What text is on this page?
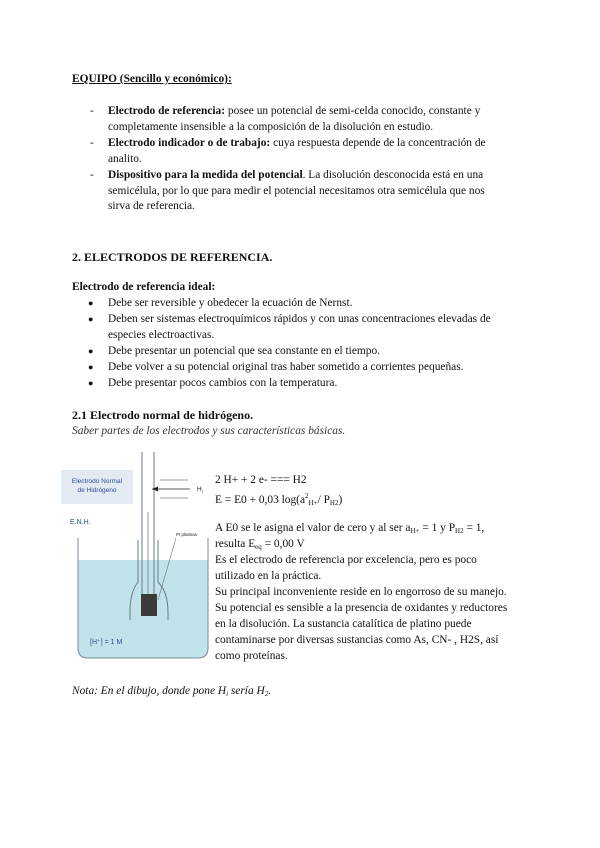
EQUIPO (Sencillo y económico):
- Electrodo de referencia: posee un potencial de semi-celda conocido, constante y
completamente insensible a la composición de la disolución en estudio.
- Electrodo indicador o de trabajo: cuya respuesta depende de la concentración de
analito.
- Dispositivo para la medida del potencial. La disolución desconocida está en una
semicélula, por lo que para medir el potencial necesitamos otra semicélula que nos
sirva de referencia.
2. ELECTRODOS DE REFERENCIA.
Electrodo de referencia ideal:
● Debe ser reversible y obedecer la ecuación de Nernst.
● Deben ser sistemas electroquímicos rápidos y con unas concentraciones elevadas de
especies electroactivas.
● Debe presentar un potencial que sea constante en el tiempo.
● Debe volver a su potencial original tras haber sometido a corrientes pequeñas.
● Debe presentar pocos cambios con la temperatura.
2.1 Electrodo normal de hidrógeno.
Saber partes de los electrodos y sus características básicas.
Electrodo Normal
de Hidrógeno
E.N.H.
$H_i$
Pt platinas
[H⁺] = 1 M
2 H+ + 2 e- === H2
E = E0 + 0,03 $\log(a^2_{H+}/$ $P_{H2}$)
A E0 se le asigna el valor de cero y al ser $a_{H+} = 1$ y $P_{H2} = 1$,
resulta $E_{eq} = 0,00$ V
Es el electrodo de referencia por excelencia, pero es poco
utilizado en la práctica.
Su principal inconveniente reside en lo engorroso de su manejo.
Su potencial es sensible a la presencia de oxidantes y reductores
en la disolución. La sustancia catalítica de platino puede
contaminarse por diversas sustancias como As, CN- , H2S, así
como proteínas.
Nota: En el dibujo, donde pone $H_i$ sería $H_2$.
